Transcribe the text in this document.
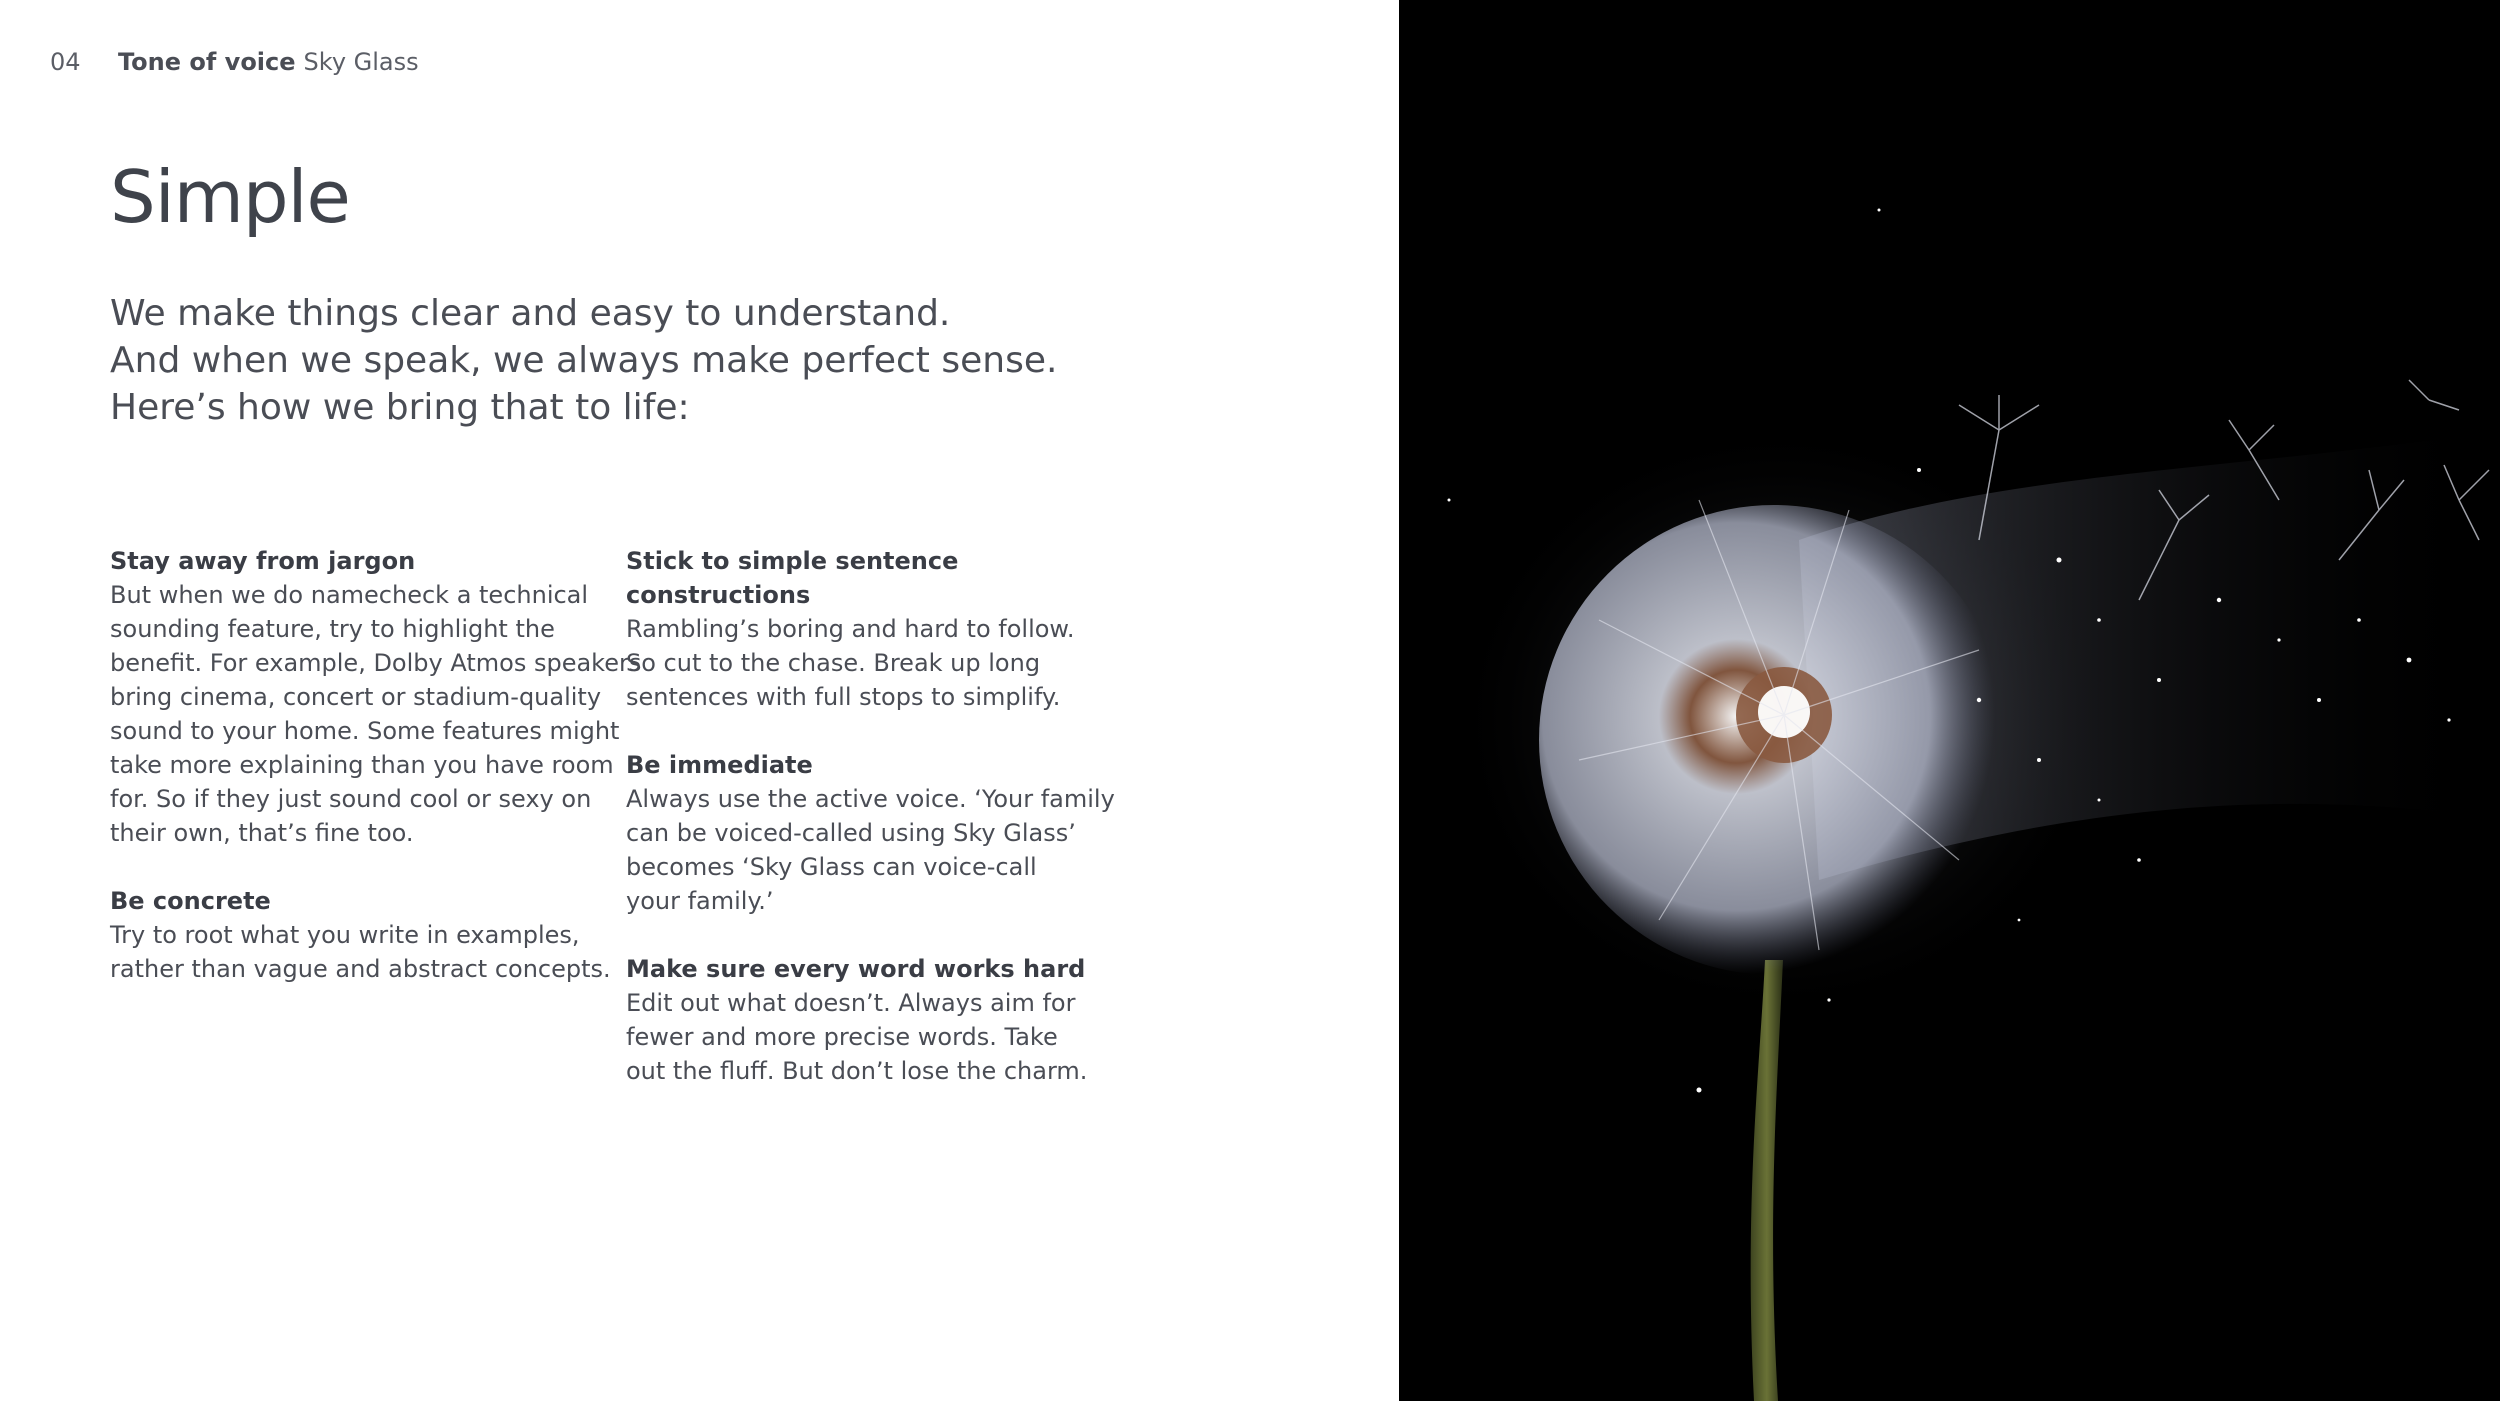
04 Tone of voice Sky Glass
Simple
We make things clear and easy to understand.
And when we speak, we always make perfect sense.
Here’s how we bring that to life:
Stay away from jargon

But when we do namecheck a technical
sounding feature, try to highlight the
benefit. For example, Dolby Atmos speakers
bring cinema, concert or stadium-quality
sound to your home. Some features might
take more explaining than you have room
for. So if they just sound cool or sexy on
their own, that’s fine too.

Be concrete

Try to root what you write in examples,
rather than vague and abstract concepts.

Stick to simple sentence constructions

Rambling’s boring and hard to follow.
So cut to the chase. Break up long
sentences with full stops to simplify.

Be immediate

Always use the active voice. ‘Your family
can be voiced-called using Sky Glass’
becomes ‘Sky Glass can voice-call
your family.’

Make sure every word works hard

Edit out what doesn’t. Always aim for
fewer and more precise words. Take
out the fluff. But don’t lose the charm.
